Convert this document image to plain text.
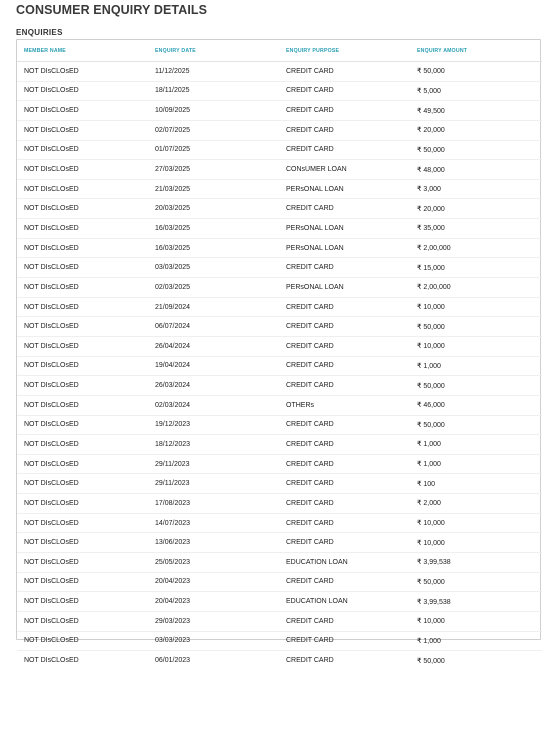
CONSUMER ENQUIRY DETAILS
ENQUIRIES
MEMBER NAME	ENQUIRY DATE	ENQUIRY PURPOSE	ENQUIRY AMOUNT
NOT DIsCLOsED	11/12/2025	CREDIT CARD	₹ 50,000
NOT DIsCLOsED	18/11/2025	CREDIT CARD	₹ 5,000
NOT DIsCLOsED	10/09/2025	CREDIT CARD	₹ 49,500
NOT DIsCLOsED	02/07/2025	CREDIT CARD	₹ 20,000
NOT DIsCLOsED	01/07/2025	CREDIT CARD	₹ 50,000
NOT DIsCLOsED	27/03/2025	CONsUMER LOAN	₹ 48,000
NOT DIsCLOsED	21/03/2025	PERsONAL LOAN	₹ 3,000
NOT DIsCLOsED	20/03/2025	CREDIT CARD	₹ 20,000
NOT DIsCLOsED	16/03/2025	PERsONAL LOAN	₹ 35,000
NOT DIsCLOsED	16/03/2025	PERsONAL LOAN	₹ 2,00,000
NOT DIsCLOsED	03/03/2025	CREDIT CARD	₹ 15,000
NOT DIsCLOsED	02/03/2025	PERsONAL LOAN	₹ 2,00,000
NOT DIsCLOsED	21/09/2024	CREDIT CARD	₹ 10,000
NOT DIsCLOsED	06/07/2024	CREDIT CARD	₹ 50,000
NOT DIsCLOsED	26/04/2024	CREDIT CARD	₹ 10,000
NOT DIsCLOsED	19/04/2024	CREDIT CARD	₹ 1,000
NOT DIsCLOsED	26/03/2024	CREDIT CARD	₹ 50,000
NOT DIsCLOsED	02/03/2024	OTHERs	₹ 46,000
NOT DIsCLOsED	19/12/2023	CREDIT CARD	₹ 50,000
NOT DIsCLOsED	18/12/2023	CREDIT CARD	₹ 1,000
NOT DIsCLOsED	29/11/2023	CREDIT CARD	₹ 1,000
NOT DIsCLOsED	29/11/2023	CREDIT CARD	₹ 100
NOT DIsCLOsED	17/08/2023	CREDIT CARD	₹ 2,000
NOT DIsCLOsED	14/07/2023	CREDIT CARD	₹ 10,000
NOT DIsCLOsED	13/06/2023	CREDIT CARD	₹ 10,000
NOT DIsCLOsED	25/05/2023	EDUCATION LOAN	₹ 3,99,538
NOT DIsCLOsED	20/04/2023	CREDIT CARD	₹ 50,000
NOT DIsCLOsED	20/04/2023	EDUCATION LOAN	₹ 3,99,538
NOT DIsCLOsED	29/03/2023	CREDIT CARD	₹ 10,000
NOT DIsCLOsED	03/03/2023	CREDIT CARD	₹ 1,000
NOT DIsCLOsED	06/01/2023	CREDIT CARD	₹ 50,000
